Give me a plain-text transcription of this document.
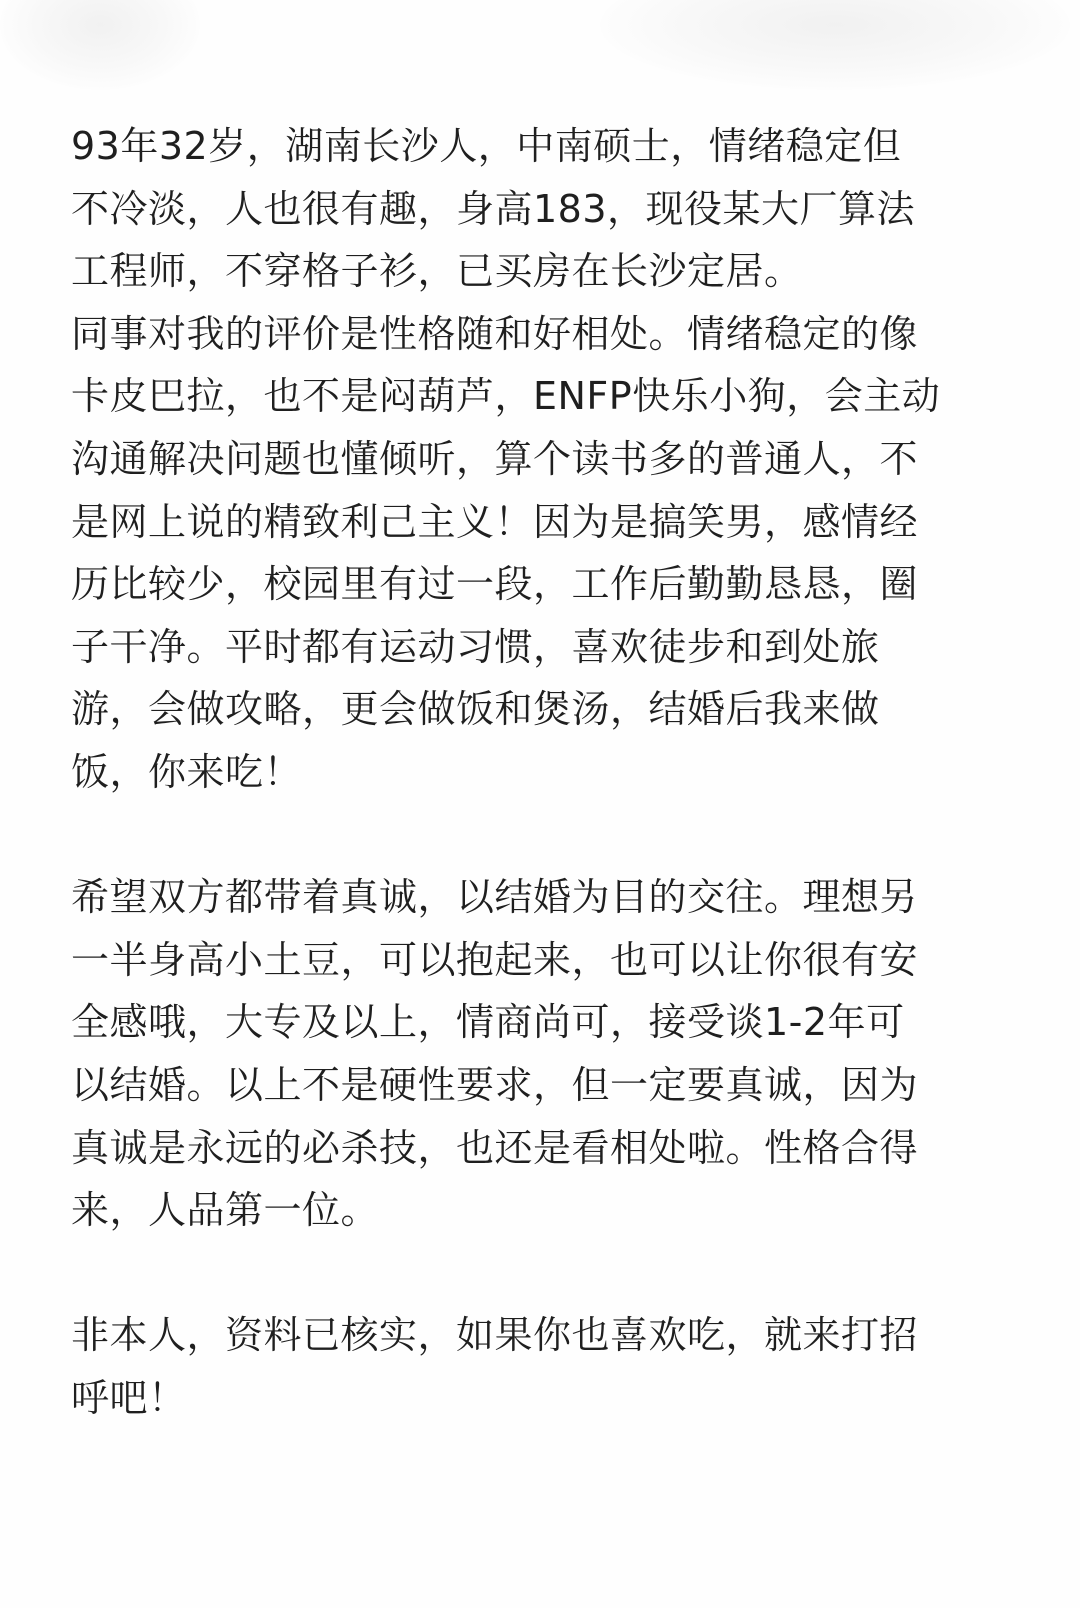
93年32岁，湖南长沙人，中南硕士，情绪稳定但
不冷淡，人也很有趣，身高183，现役某大厂算法
工程师，不穿格子衫，已买房在长沙定居。
同事对我的评价是性格随和好相处。情绪稳定的像
卡皮巴拉，也不是闷葫芦，ENFP快乐小狗，会主动
沟通解决问题也懂倾听，算个读书多的普通人，不
是网上说的精致利己主义！因为是搞笑男，感情经
历比较少，校园里有过一段，工作后勤勤恳恳，圈
子干净。平时都有运动习惯，喜欢徒步和到处旅
游，会做攻略，更会做饭和煲汤，结婚后我来做
饭，你来吃！
希望双方都带着真诚，以结婚为目的交往。理想另
一半身高小土豆，可以抱起来，也可以让你很有安
全感哦，大专及以上，情商尚可，接受谈1-2年可
以结婚。以上不是硬性要求，但一定要真诚，因为
真诚是永远的必杀技，也还是看相处啦。性格合得
来，人品第一位。
非本人，资料已核实，如果你也喜欢吃，就来打招
呼吧！
